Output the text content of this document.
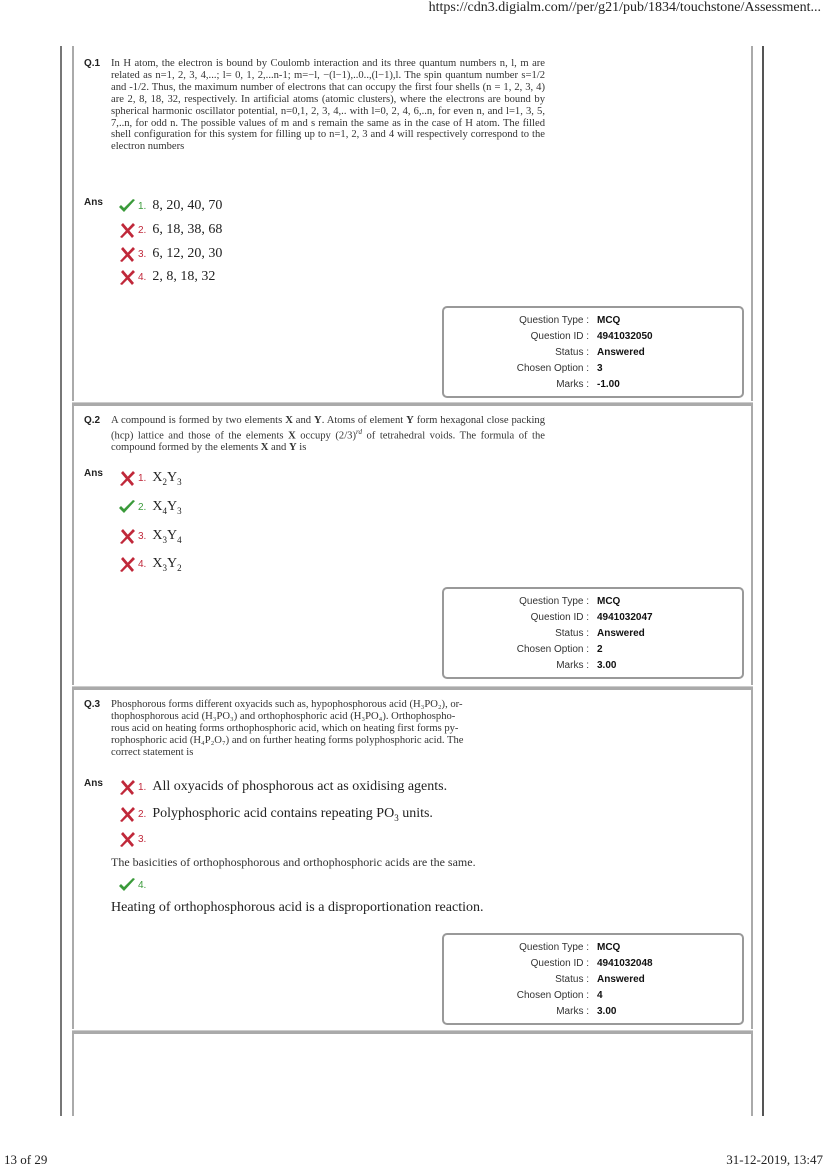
https://cdn3.digialm.com//per/g21/pub/1834/touchstone/Assessment...
Q.1 In H atom, the electron is bound by Coulomb interaction and its three quantum numbers n, l, m are related as n=1, 2, 3, 4,...; l= 0, 1, 2,...n-1; m=−l, −(l−1),..0..,(l−1),l. The spin quantum number s=1/2 and -1/2. Thus, the maximum number of electrons that can occupy the first four shells (n = 1, 2, 3, 4) are 2, 8, 18, 32, respectively. In artificial atoms (atomic clusters), where the electrons are bound by spherical harmonic oscillator potential, n=0,1, 2, 3, 4,.. with l=0, 2, 4, 6,..n, for even n, and l=1, 3, 5, 7,..n, for odd n. The possible values of m and s remain the same as in the case of H atom. The filled shell configuration for this system for filling up to n=1, 2, 3 and 4 will respectively correspond to the electron numbers
Ans	1. 8, 20, 40, 70
2. 6, 18, 38, 68
3. 6, 12, 20, 30
4. 2, 8, 18, 32
Question Type : MCQ
Question ID : 4941032050
Status : Answered
Chosen Option : 3
Marks : -1.00
Q.2 A compound is formed by two elements X and Y. Atoms of element Y form hexagonal close packing (hcp) lattice and those of the elements X occupy $(2/3)^{rd}$ of tetrahedral voids. The formula of the compound formed by the elements X and Y is
Ans	1. $X_2Y_3$
2. $X_4Y_3$
3. $X_3Y_4$
4. $X_3Y_2$
Question Type : MCQ
Question ID : 4941032047
Status : Answered
Chosen Option : 2
Marks : 3.00
Q.3 Phosphorous forms different oxyacids such as, hypophosphorous acid (H₃PO₂), or-
thophosphorous acid (H₃PO₃) and orthophosphoric acid (H₃PO₄). Orthophospho-
rous acid on heating forms orthophosphoric acid, which on heating first forms py-
rophosphoric acid (H₄P₂O₇) and on further heating forms polyphosphoric acid. The
correct statement is
Ans	1. All oxyacids of phosphorous act as oxidising agents.
2. Polyphosphoric acid contains repeating $PO_3$ units.
3.
The basicities of orthophosphorous and orthophosphoric acids are the same.
4.
Heating of orthophosphorous acid is a disproportionation reaction.
Question Type : MCQ
Question ID : 4941032048
Status : Answered
Chosen Option : 4
Marks : 3.00
13 of 29	31-12-2019, 13:47
